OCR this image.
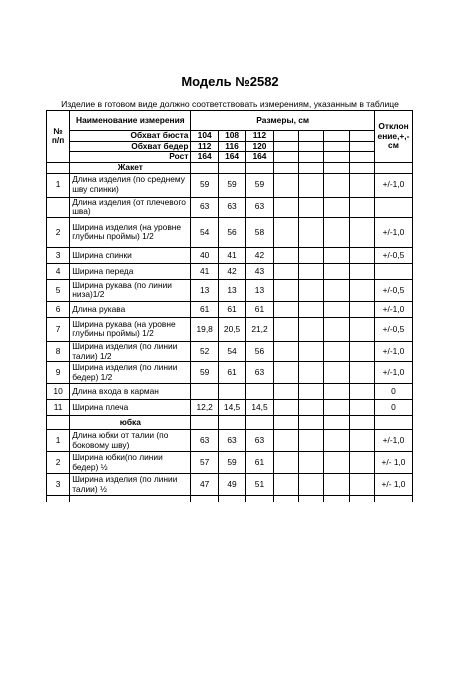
Модель №2582
Изделие в готовом виде должно соответствовать измерениям, указанным в таблице
№ п/п	Наименование измерения	Размеры, см							Отклон ение,+,- см
	Обхват бюста	104	108	112					
	Обхват бедер	112	116	120					
	Рост	164	164	164					
	Жакет								
1	Длина изделия (по среднему шву спинки)	59	59	59					+/-1,0
	Длина изделия (от плечевого шва)	63	63	63					
2	Ширина изделия (на уровне глубины проймы) 1/2	54	56	58					+/-1,0
3	Ширина спинки	40	41	42					+/-0,5
4	Ширина переда	41	42	43					
5	Ширина рукава (по линии низа)1/2	13	13	13					+/-0,5
6	Длина рукава	61	61	61					+/-1,0
7	Ширина рукава (на уровне глубины проймы) 1/2	19,8	20,5	21,2					+/-0,5
8	Ширина изделия (по линии талии) 1/2	52	54	56					+/-1,0
9	Ширина изделия (по линии бедер) 1/2	59	61	63					+/-1,0
10	Длина входа в карман								0
11	Ширина плеча	12,2	14,5	14,5					0
	юбка								
1	Длина юбки от талии (по боковому шву)	63	63	63					+/-1,0
2	Ширина юбки(по линии бедер) ½	57	59	61					+/- 1,0
3	Ширина изделия (по линии талии) ½	47	49	51					+/- 1,0
